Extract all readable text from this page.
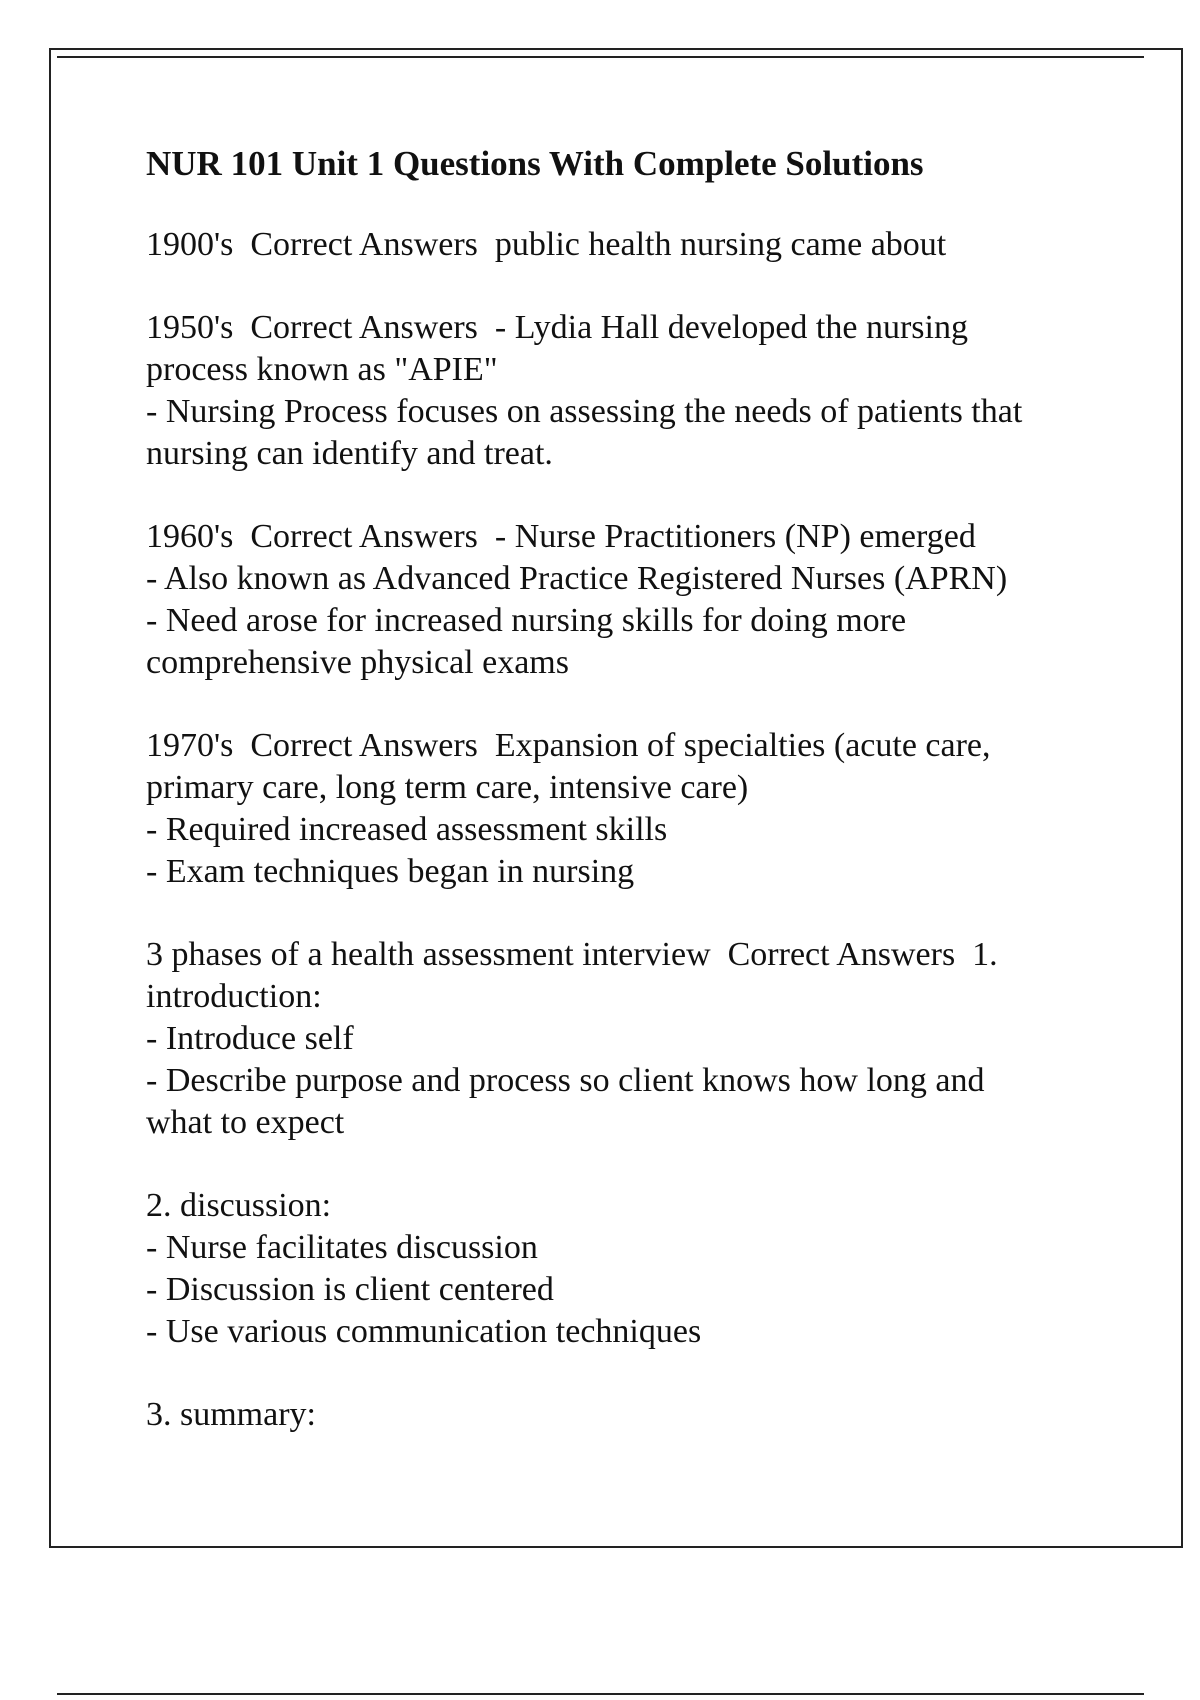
NUR 101 Unit 1 Questions With Complete Solutions
1900's  Correct Answers  public health nursing came about
1950's  Correct Answers  - Lydia Hall developed the nursing
process known as "APIE"
- Nursing Process focuses on assessing the needs of patients that
nursing can identify and treat.
1960's  Correct Answers  - Nurse Practitioners (NP) emerged
- Also known as Advanced Practice Registered Nurses (APRN)
- Need arose for increased nursing skills for doing more
comprehensive physical exams
1970's  Correct Answers  Expansion of specialties (acute care,
primary care, long term care, intensive care)
- Required increased assessment skills
- Exam techniques began in nursing
3 phases of a health assessment interview  Correct Answers  1.
introduction:
- Introduce self
- Describe purpose and process so client knows how long and
what to expect
2. discussion:
- Nurse facilitates discussion
- Discussion is client centered
- Use various communication techniques
3. summary:
